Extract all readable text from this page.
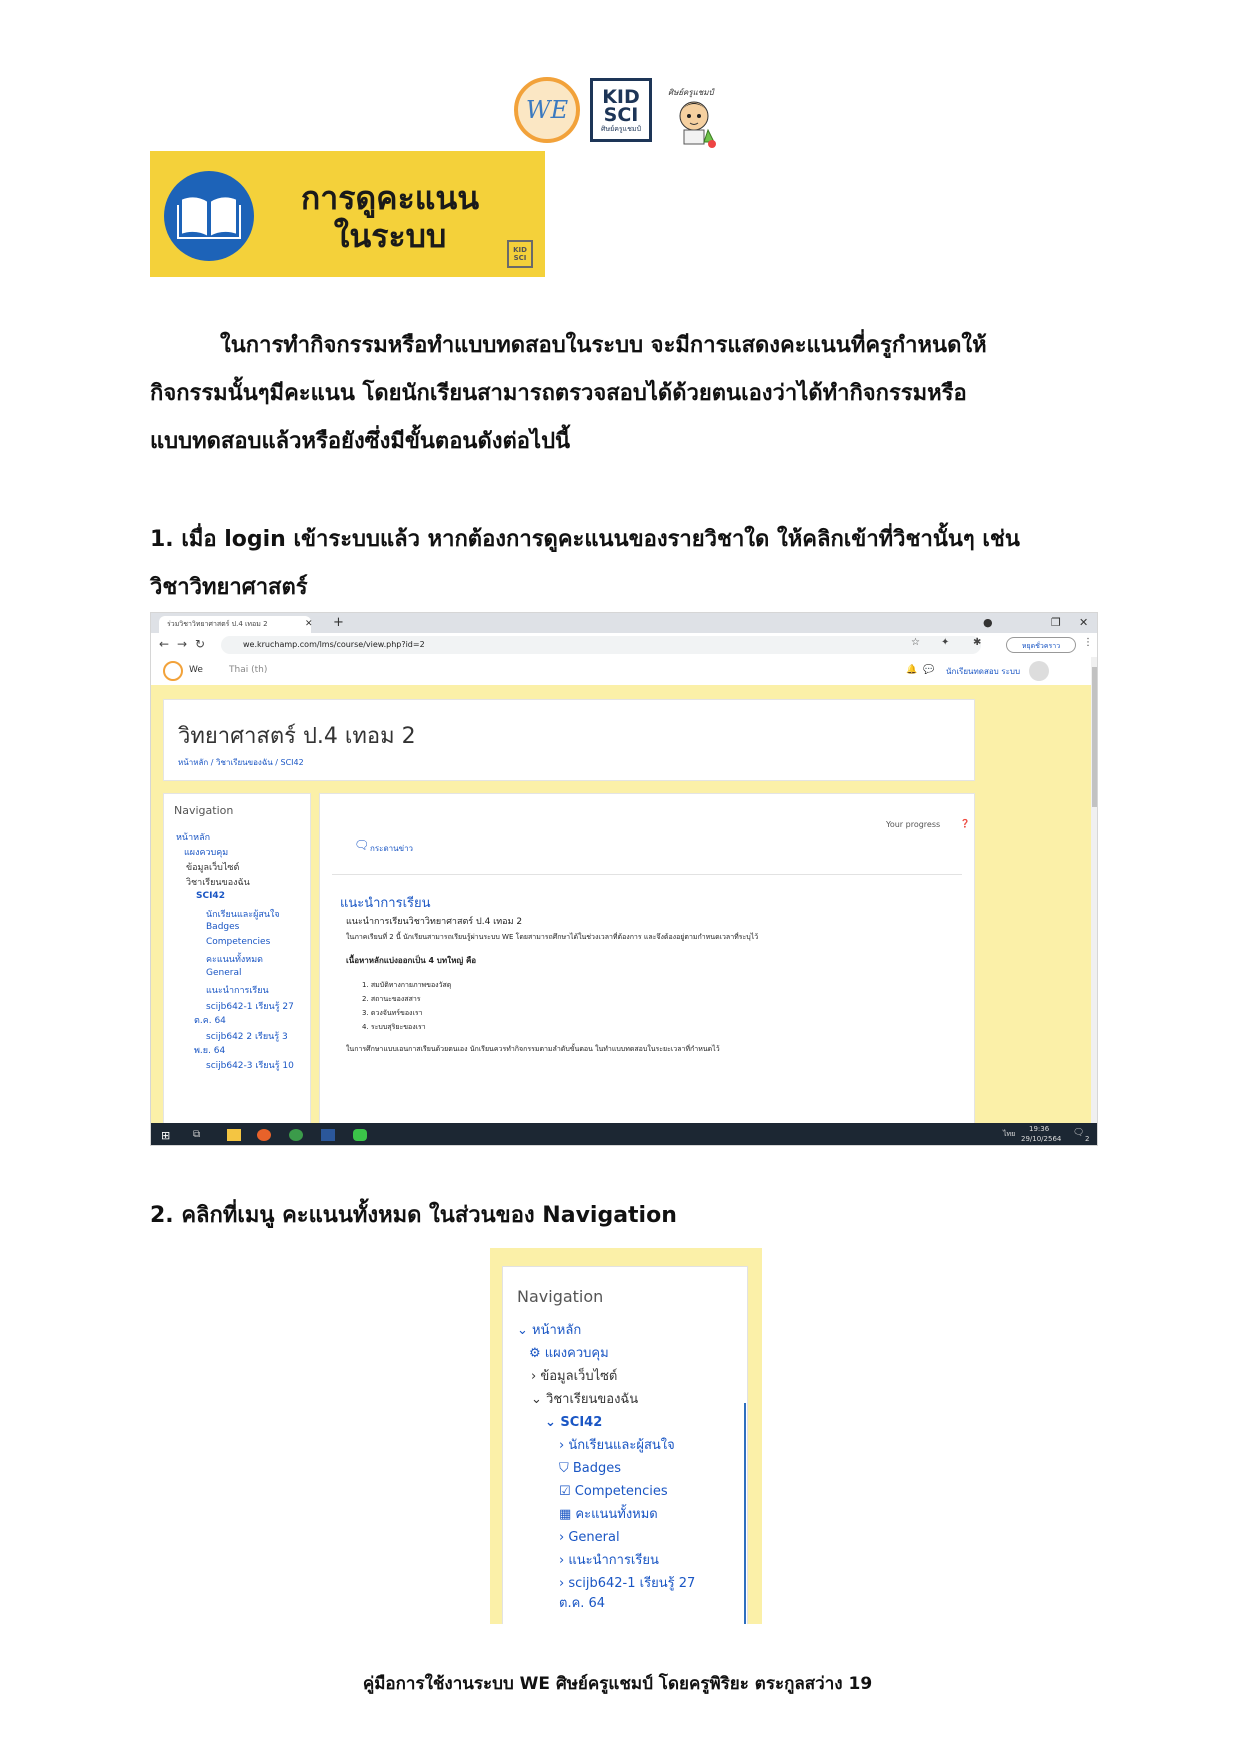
WE KID
SCI
ศิษย์ครูแชมป์
ศิษย์ครูแชมป์
การดูคะแนน
ในระบบ	KID SCI
ในการทำกิจกรรมหรือทำแบบทดสอบในระบบ จะมีการแสดงคะแนนที่ครูกำหนดให้
กิจกรรมนั้นๆมีคะแนน โดยนักเรียนสามารถตรวจสอบได้ด้วยตนเองว่าได้ทำกิจกรรมหรือ
แบบทดสอบแล้วหรือยังซึ่งมีขั้นตอนดังต่อไปนี้
1. เมื่อ login เข้าระบบแล้ว หากต้องการดูคะแนนของรายวิชาใด ให้คลิกเข้าที่วิชานั้นๆ เช่น
วิชาวิทยาศาสตร์
ร่วมวิชาวิทยาศาสตร์ ป.4 เทอม 2	✕ +	●	❐ ✕
← → ↻	we.kruchamp.com/lms/course/view.php?id=2	☆ ✦ ✱	หยุดชั่วคราว	⋮
We	Thai (th)	🔔 💬 นักเรียนทดสอบ ระบบ
วิทยาศาสตร์ ป.4 เทอม 2
หน้าหลัก / วิชาเรียนของฉัน / SCI42
Navigation
หน้าหลัก
แผงควบคุม
ข้อมูลเว็บไซต์
วิชาเรียนของฉัน
SCI42
นักเรียนและผู้สนใจ
Badges
Competencies
คะแนนทั้งหมด
General
แนะนำการเรียน
scijb642-1 เรียนรู้ 27
ต.ค. 64
scijb642 2 เรียนรู้ 3
พ.ย. 64
scijb642-3 เรียนรู้ 10
Your progress ❓
🗨 กระดานข่าว
แนะนำการเรียน
แนะนำการเรียนวิชาวิทยาศาสตร์ ป.4 เทอม 2
ในภาคเรียนที่ 2 นี้ นักเรียนสามารถเรียนรู้ผ่านระบบ WE โดยสามารถศึกษาได้ในช่วงเวลาที่ต้องการ และจึงต้องอยู่ตามกำหนดเวลาที่ระบุไว้
เนื้อหาหลักแบ่งออกเป็น 4 บทใหญ่ คือ
1. สมบัติทางกายภาพของวัสดุ
2. สถานะของสสาร
3. ดวงจันทร์ของเรา
4. ระบบสุริยะของเรา
ในการศึกษาแบบเอนกาสเรียนด้วยตนเอง นักเรียนควรทำกิจกรรมตามลำดับขั้นตอน ในทำแบบทดสอบในระยะเวลาที่กำหนดไว้
⊞	⧉	ไทย
19:36
29/10/2564
🗨
2
2. คลิกที่เมนู คะแนนทั้งหมด ในส่วนของ Navigation
Navigation
⌄ หน้าหลัก
⚙ แผงควบคุม
› ข้อมูลเว็บไซต์
⌄ วิชาเรียนของฉัน
⌄ SCI42
› นักเรียนและผู้สนใจ
⛉ Badges
☑ Competencies
▦ คะแนนทั้งหมด
› General
› แนะนำการเรียน
› scijb642-1 เรียนรู้ 27
ต.ค. 64
คู่มือการใช้งานระบบ WE ศิษย์ครูแชมป์ โดยครูพิริยะ ตระกูลสว่าง 19
